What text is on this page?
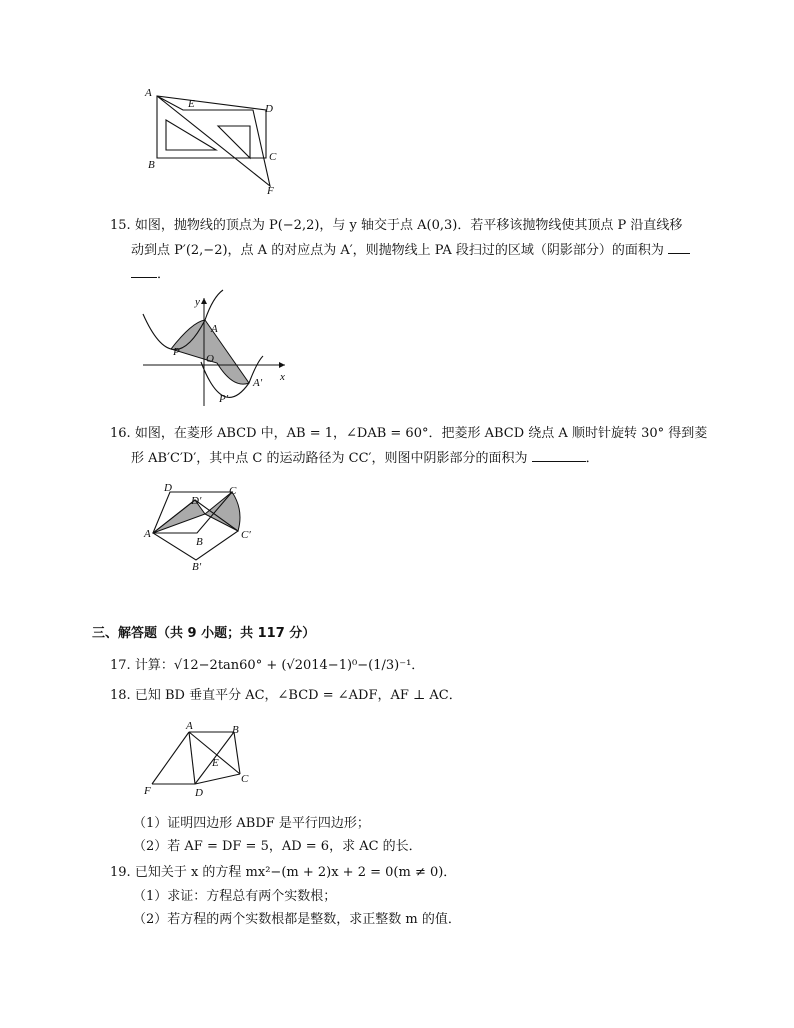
A
E	D
B
C
F
15. 如图，抛物线的顶点为 P(−2,2)，与 y 轴交于点 A(0,3)．若平移该抛物线使其顶点 P 沿直线移
动到点 P′(2,−2)，点 A 的对应点为 A′，则抛物线上 PA 段扫过的区域（阴影部分）的面积为
．
y
x
A
P
O
A′
P′
16. 如图，在菱形 ABCD 中，AB = 1，∠DAB = 60°．把菱形 ABCD 绕点 A 顺时针旋转 30° 得到菱
形 AB′C′D′，其中点 C 的运动路径为 CC′，则图中阴影部分的面积为	．
D
D′
C
A
B
C′
B′
三、解答题（共 9 小题；共 117 分）
17. 计算：√12−2tan60° + (√2014−1)⁰−(1/3)⁻¹．
18. 已知 BD 垂直平分 AC，∠BCD = ∠ADF，AF ⊥ AC．
A	B
E
C
F	D
（1）证明四边形 ABDF 是平行四边形；
（2）若 AF = DF = 5，AD = 6，求 AC 的长．
19. 已知关于 x 的方程 mx²−(m + 2)x + 2 = 0(m ≠ 0)．
（1）求证：方程总有两个实数根；
（2）若方程的两个实数根都是整数，求正整数 m 的值．
